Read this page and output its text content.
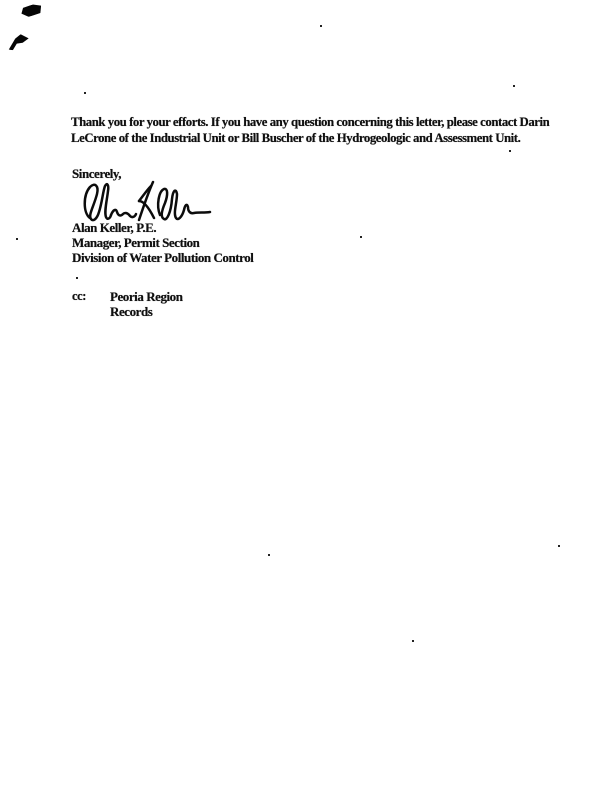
Thank you for your efforts. If you have any question concerning this letter, please contact Darin
LeCrone of the Industrial Unit or Bill Buscher of the Hydrogeologic and Assessment Unit.
Sincerely,
Alan Keller, P.E.
Manager, Permit Section
Division of Water Pollution Control
cc:	Peoria Region
Records
